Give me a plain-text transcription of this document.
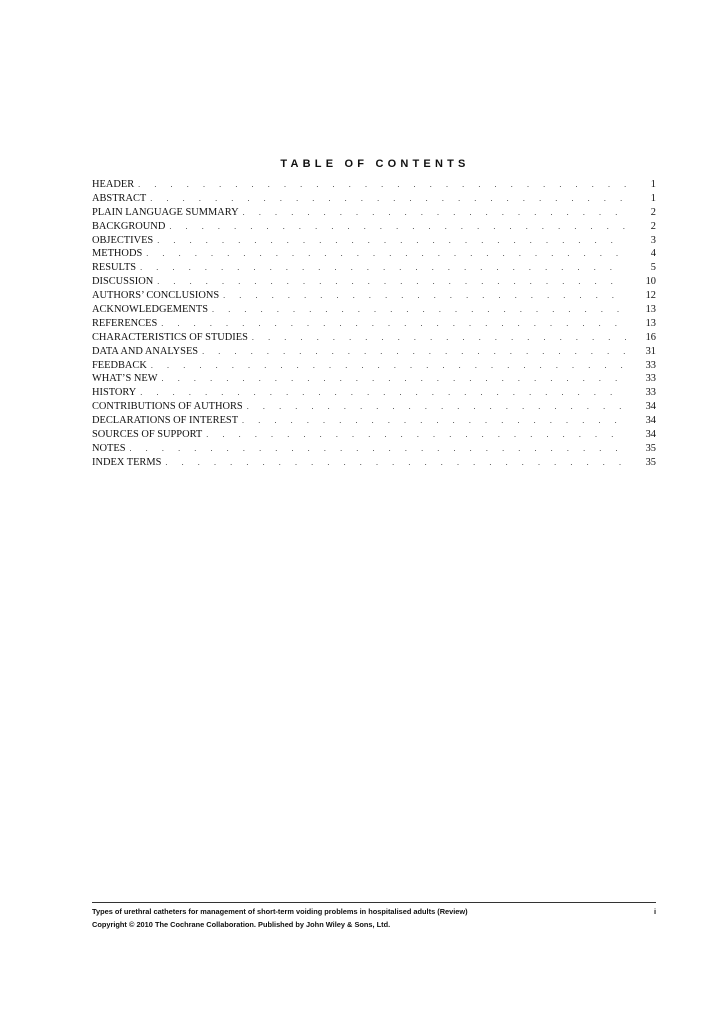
TABLE OF CONTENTS
HEADER . . .	1
ABSTRACT . . .	1
PLAIN LANGUAGE SUMMARY . . .	2
BACKGROUND . . .	2
OBJECTIVES . . .	3
METHODS . . .	4
RESULTS . . .	5
DISCUSSION . . .	10
AUTHORS’ CONCLUSIONS . . .	12
ACKNOWLEDGEMENTS . . .	13
REFERENCES . . .	13
CHARACTERISTICS OF STUDIES . . .	16
DATA AND ANALYSES . . .	31
FEEDBACK . . .	33
WHAT’S NEW . . .	33
HISTORY . . .	33
CONTRIBUTIONS OF AUTHORS . . .	34
DECLARATIONS OF INTEREST . . .	34
SOURCES OF SUPPORT . . .	34
NOTES . . .	35
INDEX TERMS . . .	35
Types of urethral catheters for management of short-term voiding problems in hospitalised adults (Review)	i
Copyright © 2010 The Cochrane Collaboration. Published by John Wiley & Sons, Ltd.
